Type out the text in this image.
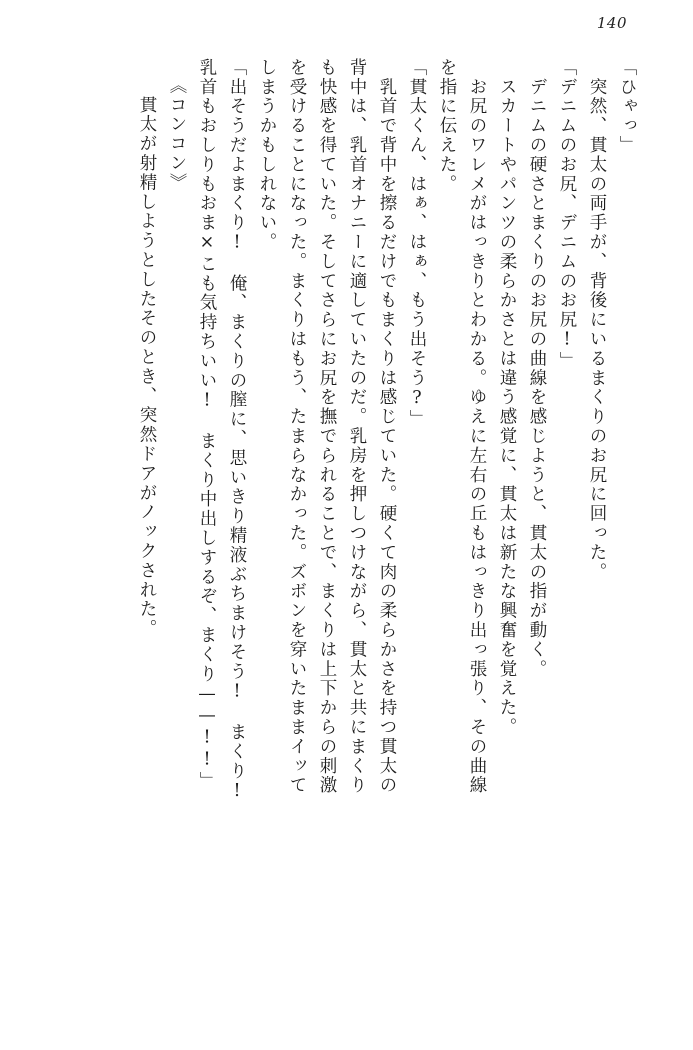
140
「ひゃっ」
　突然、貫太の両手が、背後にいるまくりのお尻に回った。
「デニムのお尻、デニムのお尻!」
　デニムの硬さとまくりのお尻の曲線を感じようと、貫太の指が動く。
　スカートやパンツの柔らかさとは違う感覚に、貫太は新たな興奮を覚えた。
　お尻のワレメがはっきりとわかる。ゆえに左右の丘もはっきり出っ張り、その曲線
を指に伝えた。
「貫太くん、はぁ、はぁ、もう出そう?」
　乳首で背中を擦るだけでもまくりは感じていた。硬くて肉の柔らかさを持つ貫太の
背中は、乳首オナニーに適していたのだ。乳房を押しつけながら、貫太と共にまくり
も快感を得ていた。そしてさらにお尻を撫でられることで、まくりは上下からの刺激
を受けることになった。まくりはもう、たまらなかった。ズボンを穿いたままイッて
しまうかもしれない。
「出そうだよまくり!　俺、まくりの膣に、思いきり精液ぶちまけそう!　まくり!
乳首もおしりもおま×こも気持ちいい!　まくり中出しするぞ、まくり——!!」
《コンコン》
　貫太が射精しようとしたそのとき、突然ドアがノックされた。
